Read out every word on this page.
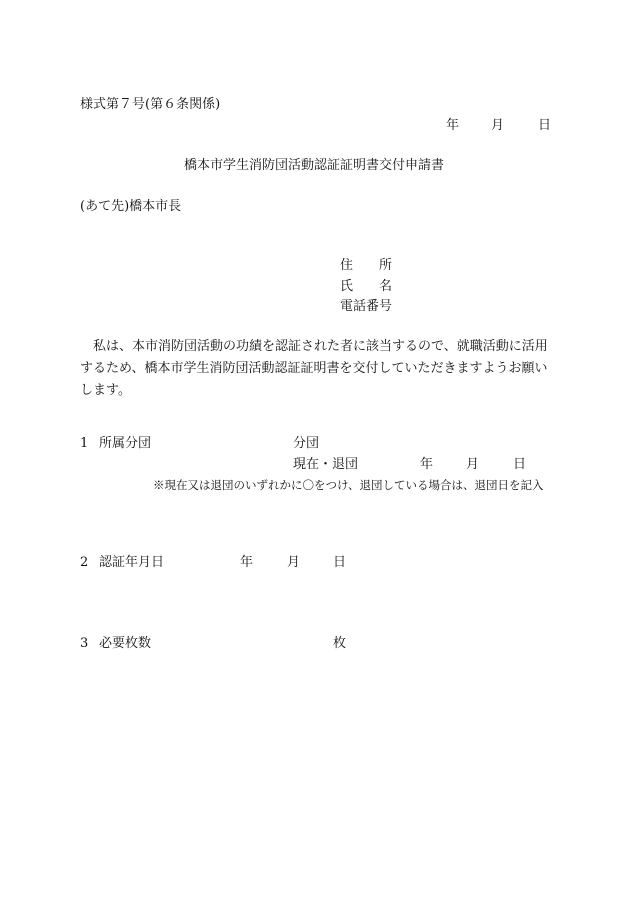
様式第７号(第６条関係)
年 月	日
橋本市学生消防団活動認証証明書交付申請書
(あて先)橋本市長
住　　所
氏　　名
電話番号
私は、本市消防団活動の功績を認証された者に該当するので、就職活動に活用するため、橋本市学生消防団活動認証証明書を交付していただきますようお願いします。
1 所属分団	分団
現在・退団	年	月	日
※現在又は退団のいずれかに〇をつけ、退団している場合は、退団日を記入
2 認証年月日	年	月	日
3 必要枚数	枚
